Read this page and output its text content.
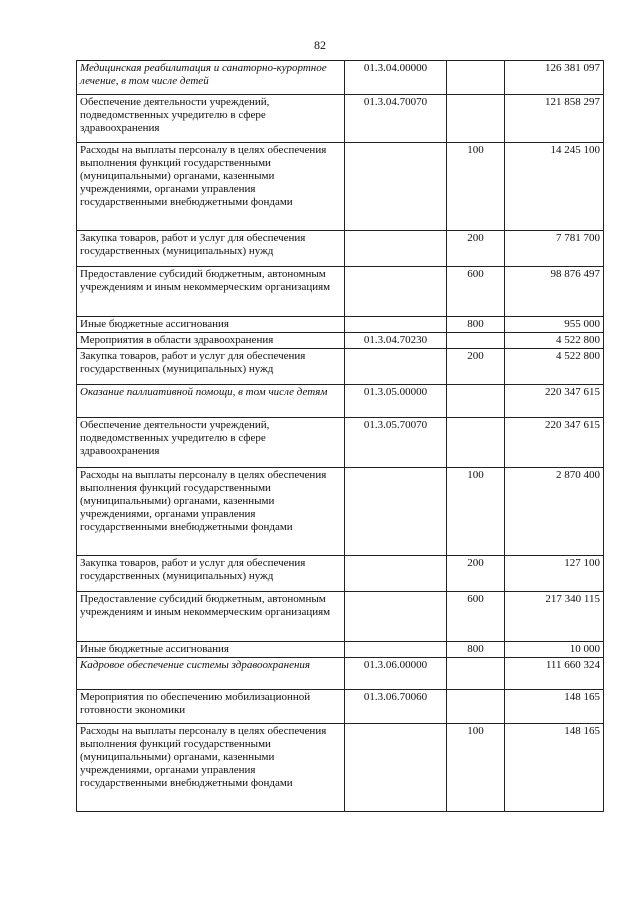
82
Медицинская реабилитация и санаторно-курортное лечение, в том числе детей	01.3.04.00000		126 381 097
Обеспечение деятельности учреждений, подведомственных учредителю в сфере здравоохранения	01.3.04.70070		121 858 297
Расходы на выплаты персоналу в целях обеспечения выполнения функций государственными (муниципальными) органами, казенными учреждениями, органами управления государственными внебюджетными фондами		100	14 245 100
Закупка товаров, работ и услуг для обеспечения государственных (муниципальных) нужд		200	7 781 700
Предоставление субсидий бюджетным, автономным учреждениям и иным некоммерческим организациям		600	98 876 497
Иные бюджетные ассигнования		800	955 000
Мероприятия в области здравоохранения	01.3.04.70230		4 522 800
Закупка товаров, работ и услуг для обеспечения государственных (муниципальных) нужд		200	4 522 800
Оказание паллиативной помощи, в том числе детям	01.3.05.00000		220 347 615
Обеспечение деятельности учреждений, подведомственных учредителю в сфере здравоохранения	01.3.05.70070		220 347 615
Расходы на выплаты персоналу в целях обеспечения выполнения функций государственными (муниципальными) органами, казенными учреждениями, органами управления государственными внебюджетными фондами		100	2 870 400
Закупка товаров, работ и услуг для обеспечения государственных (муниципальных) нужд		200	127 100
Предоставление субсидий бюджетным, автономным учреждениям и иным некоммерческим организациям		600	217 340 115
Иные бюджетные ассигнования		800	10 000
Кадровое обеспечение системы здравоохранения	01.3.06.00000		111 660 324
Мероприятия по обеспечению мобилизационной готовности экономики	01.3.06.70060		148 165
Расходы на выплаты персоналу в целях обеспечения выполнения функций государственными (муниципальными) органами, казенными учреждениями, органами управления государственными внебюджетными фондами		100	148 165
